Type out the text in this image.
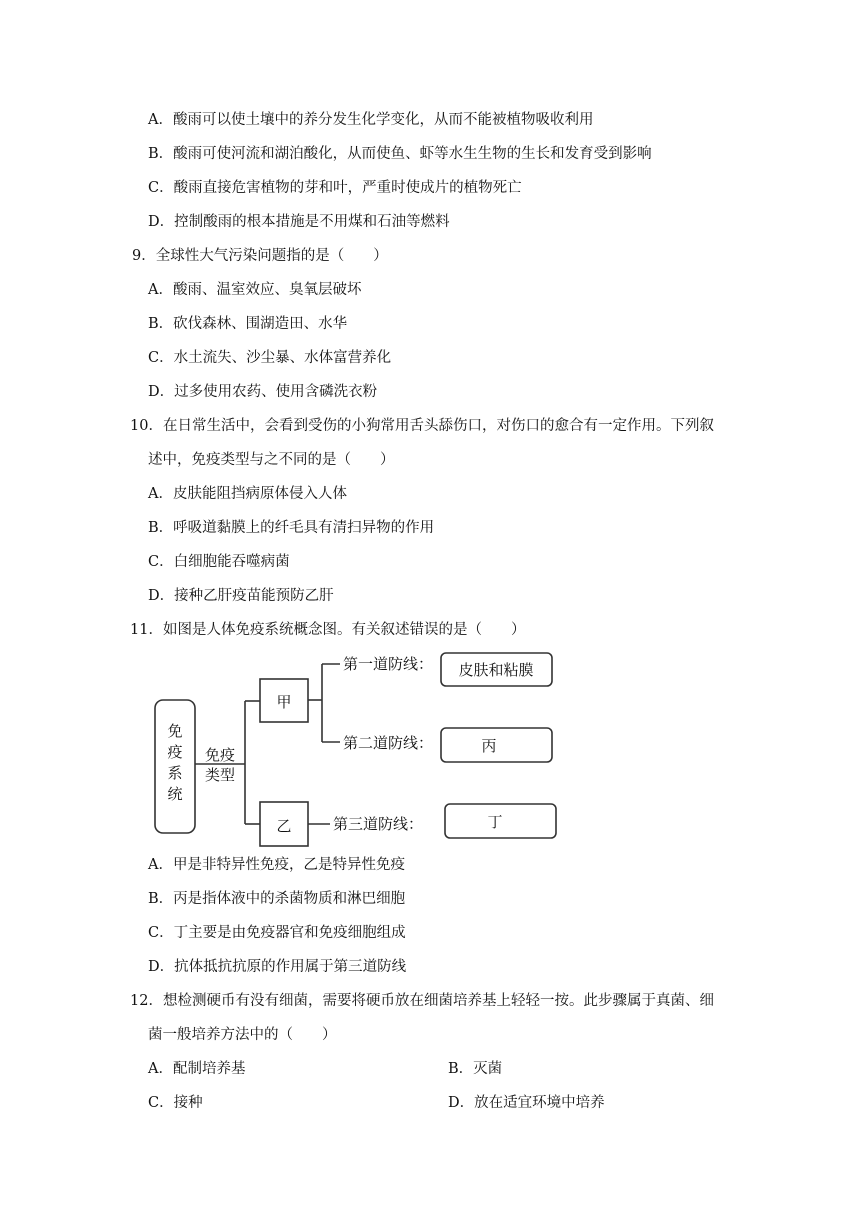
A．酸雨可以使土壤中的养分发生化学变化，从而不能被植物吸收利用
B．酸雨可使河流和湖泊酸化，从而使鱼、虾等水生生物的生长和发育受到影响
C．酸雨直接危害植物的芽和叶，严重时使成片的植物死亡
D．控制酸雨的根本措施是不用煤和石油等燃料
9．全球性大气污染问题指的是（　　）
A．酸雨、温室效应、臭氧层破坏
B．砍伐森林、围湖造田、水华
C．水土流失、沙尘暴、水体富营养化
D．过多使用农药、使用含磷洗衣粉
10．在日常生活中，会看到受伤的小狗常用舌头舔伤口，对伤口的愈合有一定作用。下列叙
述中，免疫类型与之不同的是（　　）
A．皮肤能阻挡病原体侵入人体
B．呼吸道黏膜上的纤毛具有清扫异物的作用
C．白细胞能吞噬病菌
D．接种乙肝疫苗能预防乙肝
11．如图是人体免疫系统概念图。有关叙述错误的是（　　）
免
疫
系
统
免疫
类型
甲
乙
第一道防线：
第二道防线：
第三道防线：
皮肤和粘膜
丙
丁
A．甲是非特异性免疫，乙是特异性免疫
B．丙是指体液中的杀菌物质和淋巴细胞
C．丁主要是由免疫器官和免疫细胞组成
D．抗体抵抗抗原的作用属于第三道防线
12．想检测硬币有没有细菌，需要将硬币放在细菌培养基上轻轻一按。此步骤属于真菌、细
菌一般培养方法中的（　　）
A．配制培养基	B．灭菌
C．接种	D．放在适宜环境中培养
